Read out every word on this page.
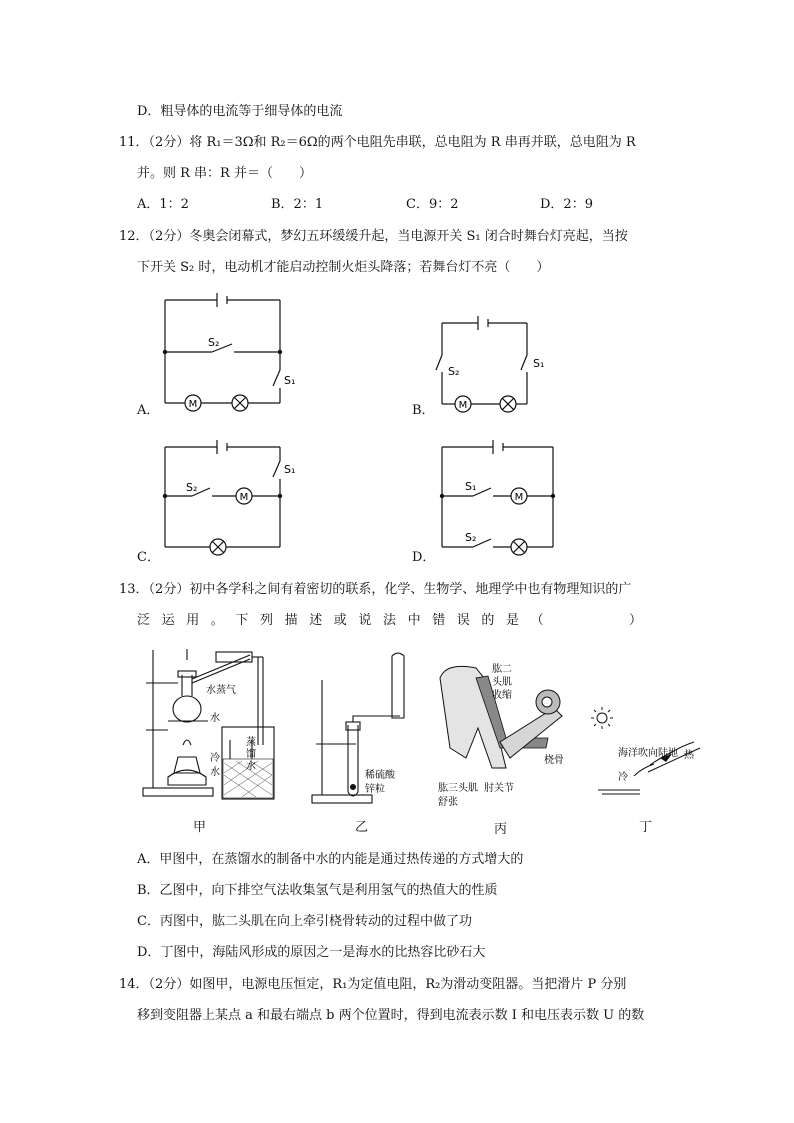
D．粗导体的电流等于细导体的电流
11．（2分）将 R₁＝3Ω和 R₂＝6Ω的两个电阻先串联，总电阻为 R 串再并联，总电阻为 R
并。则 R 串：R 并＝（　　）
A．1：2	B．2：1	C．9：2	D．2：9
12．（2分）冬奥会闭幕式，梦幻五环缓缓升起，当电源开关 S₁ 闭合时舞台灯亮起，当按
下开关 S₂ 时，电动机才能启动控制火炬头降落；若舞台灯不亮（　　）
A．	M
S₂
S₁
B． M
S₂
S₁
C．
M
S₂
S₁
D．
M
S₁
S₂
13．（2分）初中各学科之间有着密切的联系，化学、生物学、地理学中也有物理知识的广
泛运用。下列描述或说法中错误的是（　　　）
水蒸气
水
冷
水
蒸
馏
水
甲
稀硫酸
锌粒
乙
肱二
头肌
收缩
桡骨
肱三头肌
舒张
肘关节
丙
海洋吹向陆地
冷
热
丁
A．甲图中，在蒸馏水的制备中水的内能是通过热传递的方式增大的
B．乙图中，向下排空气法收集氢气是利用氢气的热值大的性质
C．丙图中，肱二头肌在向上牵引桡骨转动的过程中做了功
D．丁图中，海陆风形成的原因之一是海水的比热容比砂石大
14．（2分）如图甲，电源电压恒定，R₁为定值电阻，R₂为滑动变阻器。当把滑片 P 分别
移到变阻器上某点 a 和最右端点 b 两个位置时，得到电流表示数 I 和电压表示数 U 的数
